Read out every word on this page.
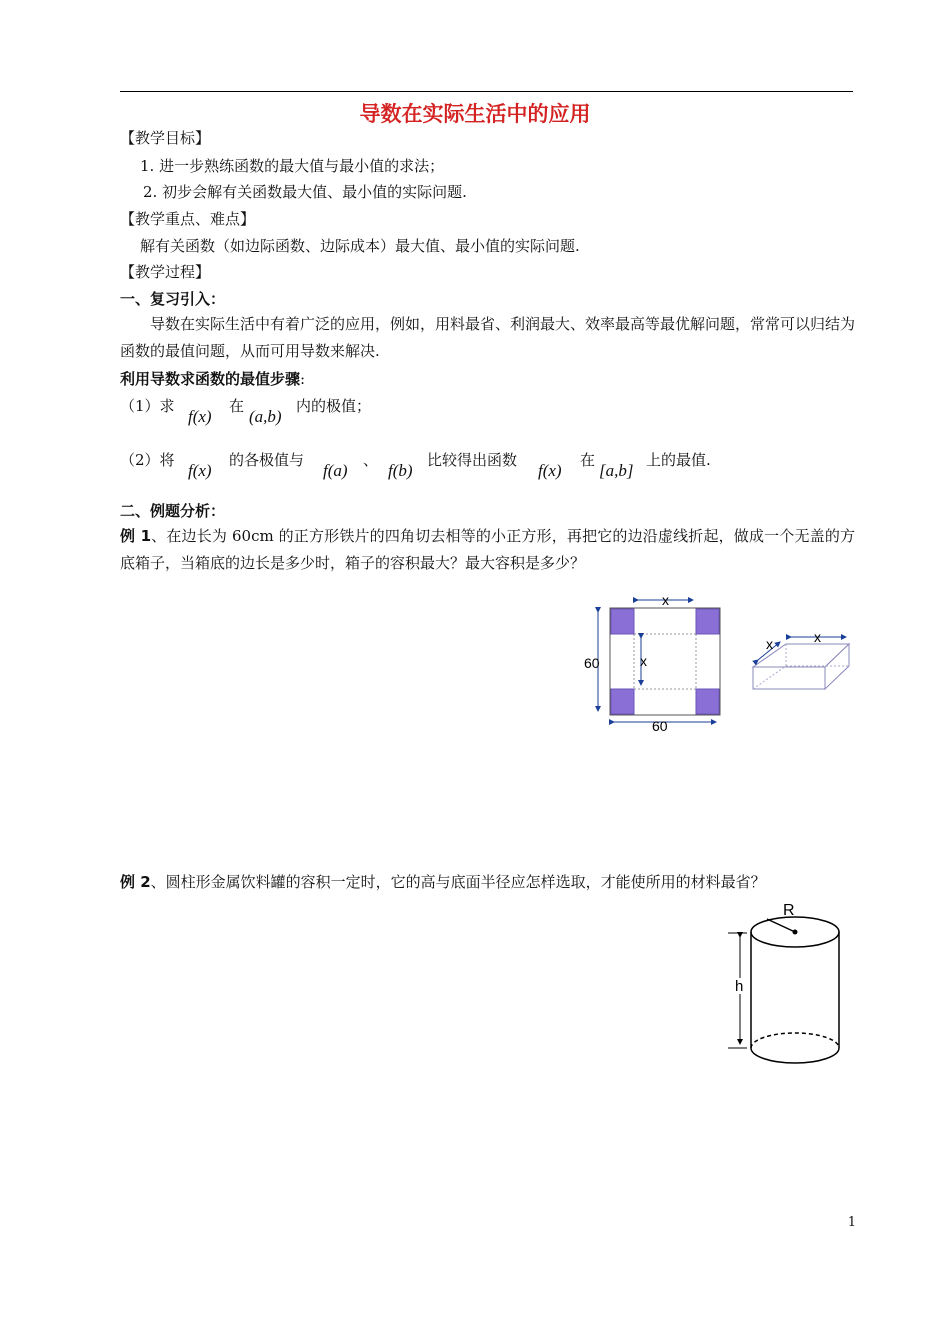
导数在实际生活中的应用
【教学目标】
1. 进一步熟练函数的最大值与最小值的求法；
2. 初步会解有关函数最大值、最小值的实际问题.
【教学重点、难点】
解有关函数（如边际函数、边际成本）最大值、最小值的实际问题.
【教学过程】
一、复习引入：
导数在实际生活中有着广泛的应用，例如，用料最省、利润最大、效率最高等最优解问题，常常可以归结为函数的最值问题，从而可用导数来解决.
利用导数求函数的最值步骤:
（1）求
f(x)
在
(a,b)
内的极值；
（2）将
f(x)
的各极值与
f(a)
、
f(b)
比较得出函数
f(x)
在
[a,b]
上的最值.
二、例题分析：
例 1、在边长为 60cm 的正方形铁片的四角切去相等的小正方形，再把它的边沿虚线折起，做成一个无盖的方底箱子，当箱底的边长是多少时，箱子的容积最大？最大容积是多少？
x
60	x
60
x
x
例 2、圆柱形金属饮料罐的容积一定时，它的高与底面半径应怎样选取，才能使所用的材料最省？
R
h
1
